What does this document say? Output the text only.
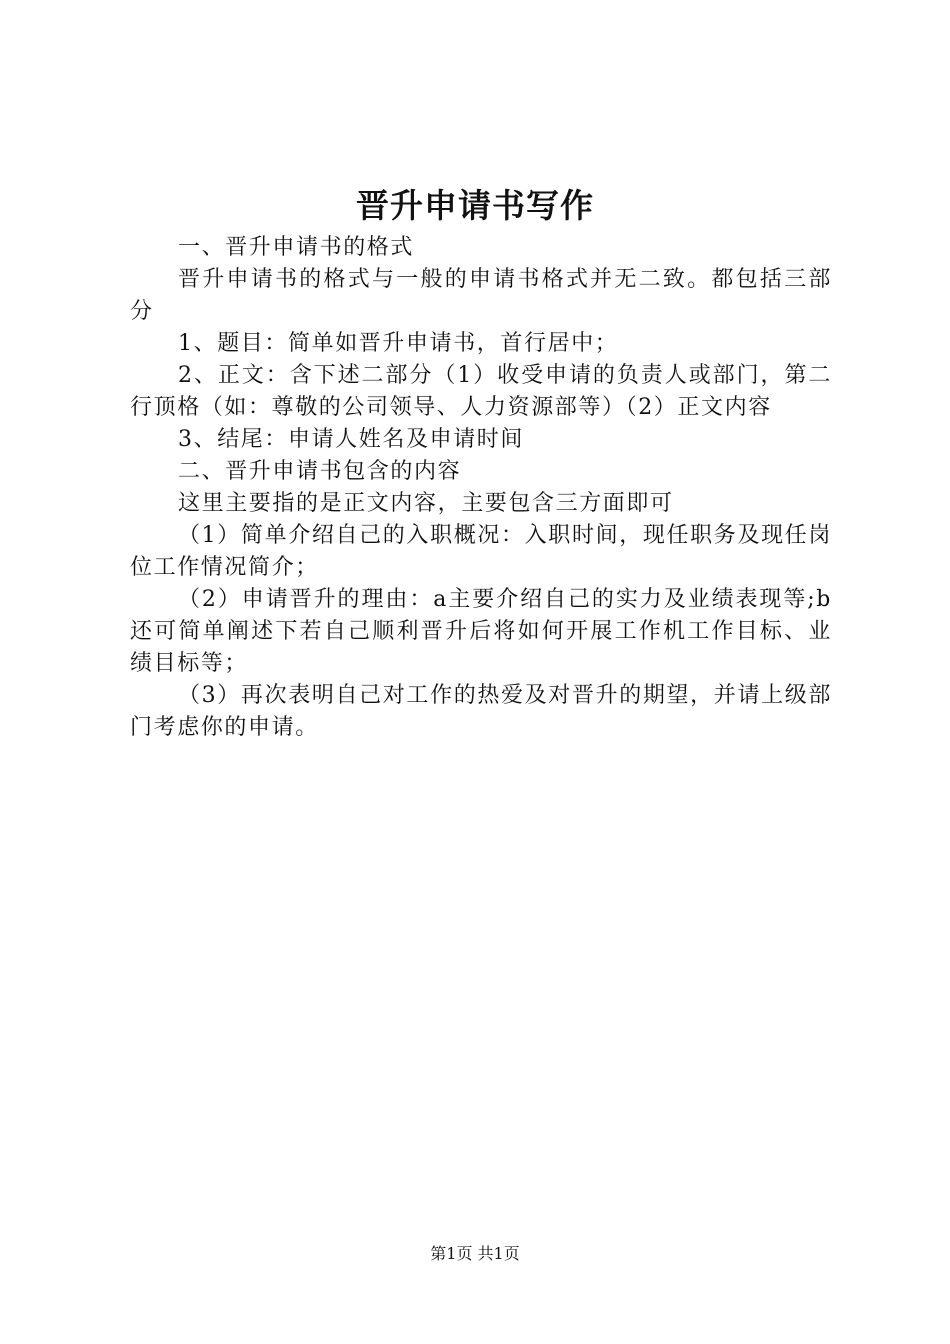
晋升申请书写作

一、晋升申请书的格式

晋升申请书的格式与一般的申请书格式并无二致。都包括三部分

1、题目：简单如晋升申请书，首行居中；

2、正文：含下述二部分（1）收受申请的负责人或部门，第二行顶格（如：尊敬的公司领导、人力资源部等）（2）正文内容

3、结尾：申请人姓名及申请时间

二、晋升申请书包含的内容

这里主要指的是正文内容，主要包含三方面即可

（1）简单介绍自己的入职概况：入职时间，现任职务及现任岗位工作情况简介；

（2）申请晋升的理由：a主要介绍自己的实力及业绩表现等;b还可简单阐述下若自己顺利晋升后将如何开展工作机工作目标、业绩目标等；

（3）再次表明自己对工作的热爱及对晋升的期望，并请上级部门考虑你的申请。

第1页 共1页
